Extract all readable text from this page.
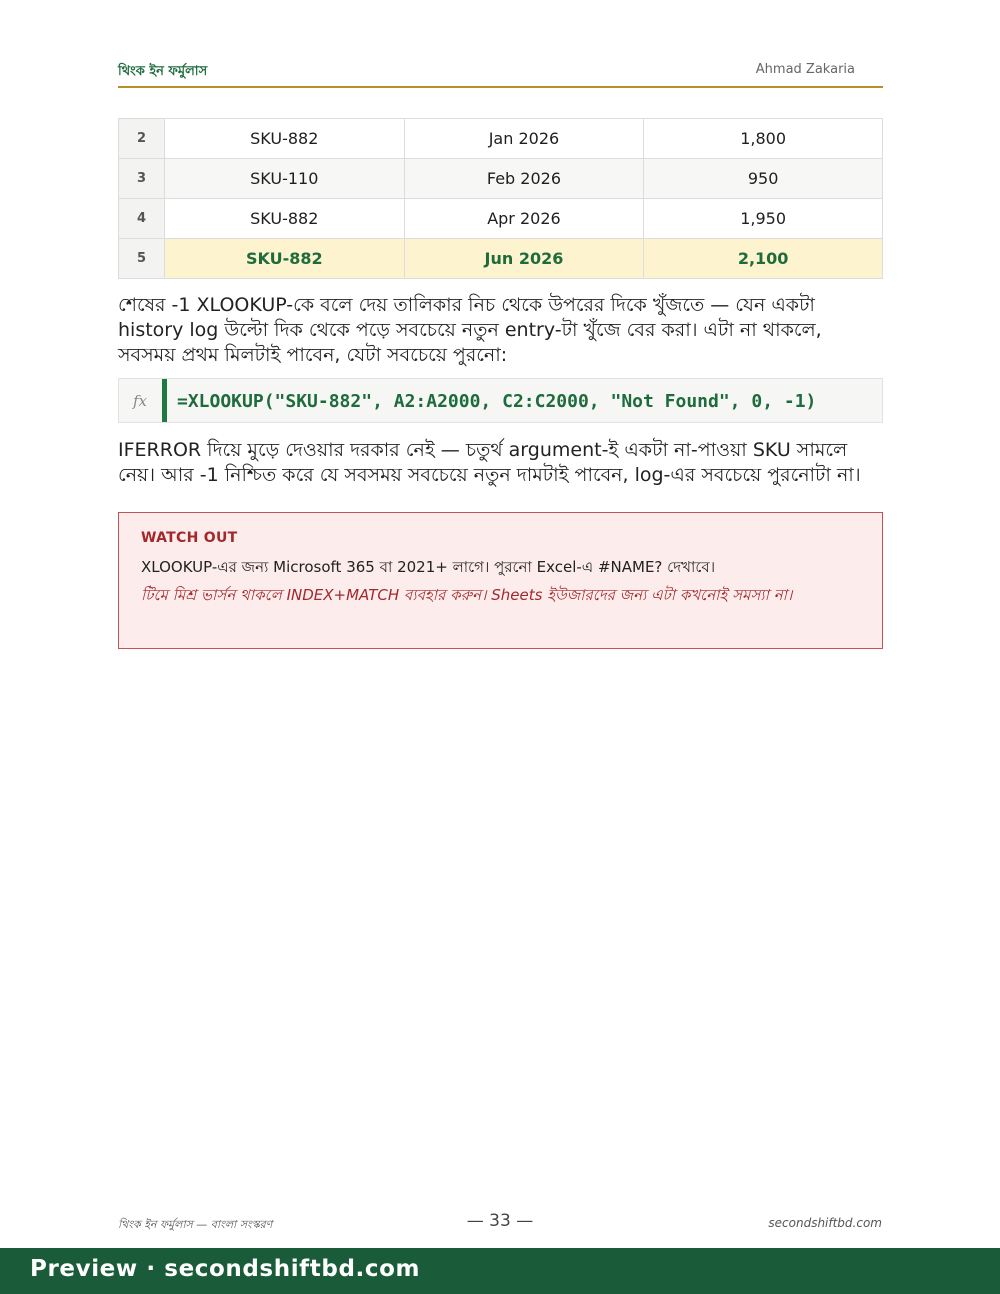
থিংক ইন ফর্মুলাস	Ahmad Zakaria
2	SKU-882	Jan 2026	1,800
3	SKU-110	Feb 2026	950
4	SKU-882	Apr 2026	1,950
5	SKU-882	Jun 2026	2,100

শেষের -1 XLOOKUP-কে বলে দেয় তালিকার নিচ থেকে উপরের দিকে খুঁজতে — যেন একটা history log উল্টো দিক থেকে পড়ে সবচেয়ে নতুন entry-টা খুঁজে বের করা। এটা না থাকলে, সবসময় প্রথম মিলটাই পাবেন, যেটা সবচেয়ে পুরনো:

fx =XLOOKUP("SKU-882", A2:A2000, C2:C2000, "Not Found", 0, -1)

IFERROR দিয়ে মুড়ে দেওয়ার দরকার নেই — চতুর্থ argument-ই একটা না-পাওয়া SKU সামলে নেয়। আর -1 নিশ্চিত করে যে সবসময় সবচেয়ে নতুন দামটাই পাবেন, log-এর সবচেয়ে পুরনোটা না।

WATCH OUT
XLOOKUP-এর জন্য Microsoft 365 বা 2021+ লাগে। পুরনো Excel-এ #NAME? দেখাবে।
টিমে মিশ্র ভার্সন থাকলে INDEX+MATCH ব্যবহার করুন। Sheets ইউজারদের জন্য এটা কখনোই সমস্যা না।
থিংক ইন ফর্মুলাস — বাংলা সংস্করণ	— 33 —	secondshiftbd.com
Preview · secondshiftbd.com
